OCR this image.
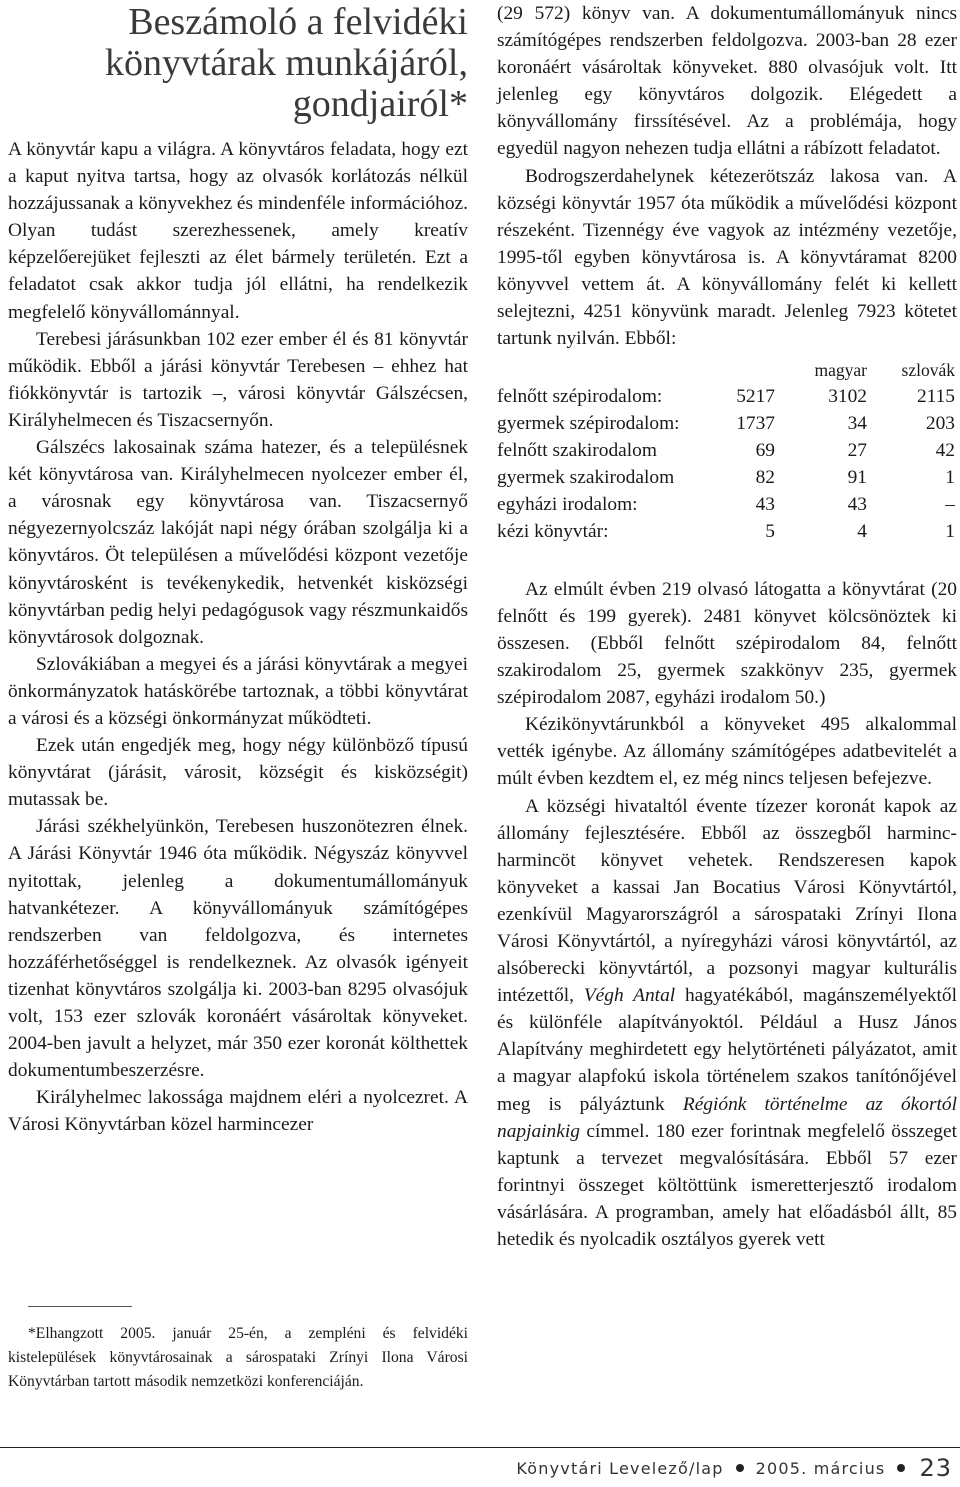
Beszámoló a felvidéki
könyvtárak munkájáról,
gondjairól*

A könyvtár kapu a világra. A könyvtáros feladata, hogy ezt a kaput nyitva tartsa, hogy az olvasók korlátozás nélkül hozzájussanak a könyvekhez és mindenféle információhoz. Olyan tudást szerezhessenek, amely kreatív képzelőerejüket fejleszti az élet bármely területén. Ezt a feladatot csak akkor tudja jól ellátni, ha rendelkezik megfelelő könyvállománnyal.

Terebesi járásunkban 102 ezer ember él és 81 könyvtár működik. Ebből a járási könyvtár Terebesen – ehhez hat fiókkönyvtár is tartozik –, városi könyvtár Gálszécsen, Királyhelmecen és Tiszacsernyőn.

Gálszécs lakosainak száma hatezer, és a településnek két könyvtárosa van. Királyhelmecen nyolcezer ember él, a városnak egy könyvtárosa van. Tiszacsernyő négyezernyolcszáz lakóját napi négy órában szolgálja ki a könyvtáros. Öt településen a művelődési központ vezetője könyvtárosként is tevékenykedik, hetvenkét kisközségi könyvtárban pedig helyi pedagógusok vagy részmunkaidős könyvtárosok dolgoznak.

Szlovákiában a megyei és a járási könyvtárak a megyei önkormányzatok hatáskörébe tartoznak, a többi könyvtárat a városi és a községi önkormányzat működteti.

Ezek után engedjék meg, hogy négy különböző típusú könyvtárat (járásit, városit, községit és kisközségit) mutassak be.

Járási székhelyünkön, Terebesen huszonötezren élnek. A Járási Könyvtár 1946 óta működik. Négyszáz könyvvel nyitottak, jelenleg a dokumentumállományuk hatvankétezer. A könyvállományuk számítógépes rendszerben van feldolgozva, és internetes hozzáférhetőséggel is rendelkeznek. Az olvasók igényeit tizenhat könyvtáros szolgálja ki. 2003-ban 8295 olvasójuk volt, 153 ezer szlovák koronáért vásároltak könyveket. 2004-ben javult a helyzet, már 350 ezer koronát költhettek dokumentumbeszerzésre.

Királyhelmec lakossága majdnem eléri a nyolcezret. A Városi Könyvtárban közel harmincezer

*Elhangzott 2005. január 25-én, a zempléni és felvidéki kistelepülések könyvtárosainak a sárospataki Zrínyi Ilona Városi Könyvtárban tartott második nemzetközi konferenciáján.

(29 572) könyv van. A dokumentumállományuk nincs számítógépes rendszerben feldolgozva. 2003-ban 28 ezer koronáért vásároltak könyveket. 880 olvasójuk volt. Itt jelenleg egy könyvtáros dolgozik. Elégedett a könyvállomány firssítésével. Az a problémája, hogy egyedül nagyon nehezen tudja ellátni a rábízott feladatot.

Bodrogszerdahelynek kétezerötszáz lakosa van. A községi könyvtár 1957 óta működik a művelődési központ részeként. Tizennégy éve vagyok az intézmény vezetője, 1995-től egyben könyvtárosa is. A könyvtáramat 8200 könyvvel vettem át. A könyvállomány felét ki kellett selejtezni, 4251 könyvünk maradt. Jelenleg 7923 kötetet tartunk nyilván. Ebből:

		magyar	szlovák
felnőtt szépirodalom:	5217	3102	2115
gyermek szépirodalom:	1737	34	203
felnőtt szakirodalom	69	27	42
gyermek szakirodalom	82	91	1
egyházi irodalom:	43	43	–
kézi könyvtár:	5	4	1

Az elmúlt évben 219 olvasó látogatta a könyvtárat (20 felnőtt és 199 gyerek). 2481 könyvet kölcsönöztek ki összesen. (Ebből felnőtt szépirodalom 84, felnőtt szakirodalom 25, gyermek szakkönyv 235, gyermek szépirodalom 2087, egyházi irodalom 50.)

Kézikönyvtárunkból a könyveket 495 alkalommal vették igénybe. Az állomány számítógépes adatbevitelét a múlt évben kezdtem el, ez még nincs teljesen befejezve.

A községi hivataltól évente tízezer koronát kapok az állomány fejlesztésére. Ebből az összegből harminc-harmincöt könyvet vehetek. Rendszeresen kapok könyveket a kassai Jan Bocatius Városi Könyvtártól, ezenkívül Magyarországról a sárospataki Zrínyi Ilona Városi Könyvtártól, a nyíregyházi városi könyvtártól, az alsóberecki könyvtártól, a pozsonyi magyar kulturális intézettől, Végh Antal hagyatékából, magánszemélyektől és különféle alapítványoktól. Például a Husz János Alapítvány meghirdetett egy helytörténeti pályázatot, amit a magyar alapfokú iskola történelem szakos tanítónőjével meg is pályáztunk Régiónk történelme az ókortól napjainkig címmel. 180 ezer forintnak megfelelő összeget kaptunk a tervezet megvalósítására. Ebből 57 ezer forintnyi összeget költöttünk ismeretterjesztő irodalom vásárlására. A programban, amely hat előadásból állt, 85 hetedik és nyolcadik osztályos gyerek vett

Könyvtári Levelező/lap 2005. március 23
